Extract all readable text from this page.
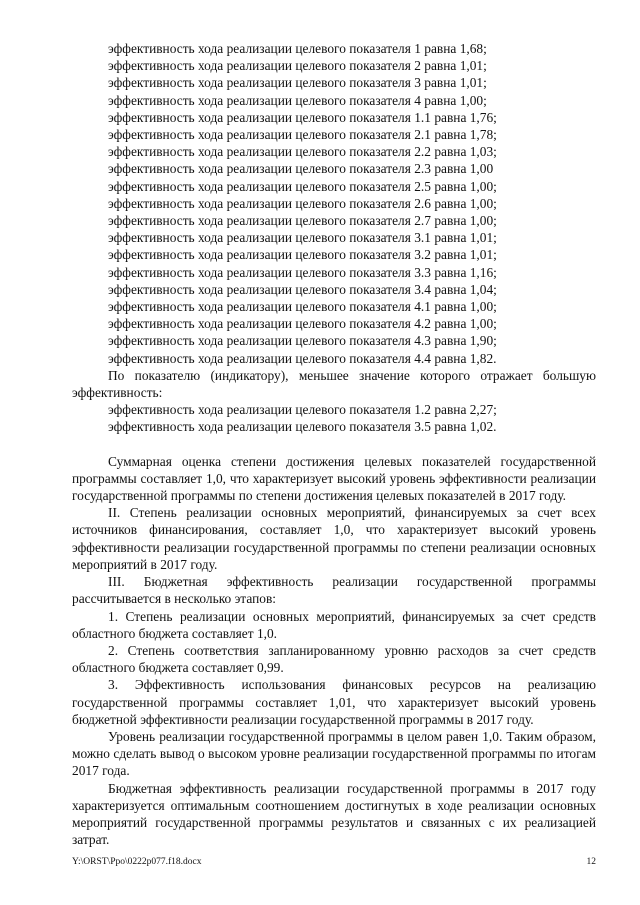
эффективность хода реализации целевого показателя 1 равна 1,68;
эффективность хода реализации целевого показателя 2 равна 1,01;
эффективность хода реализации целевого показателя 3 равна 1,01;
эффективность хода реализации целевого показателя 4 равна 1,00;
эффективность хода реализации целевого показателя 1.1 равна 1,76;
эффективность хода реализации целевого показателя 2.1 равна 1,78;
эффективность хода реализации целевого показателя 2.2 равна 1,03;
эффективность хода реализации целевого показателя 2.3 равна 1,00
эффективность хода реализации целевого показателя 2.5 равна 1,00;
эффективность хода реализации целевого показателя 2.6 равна 1,00;
эффективность хода реализации целевого показателя 2.7 равна 1,00;
эффективность хода реализации целевого показателя 3.1 равна 1,01;
эффективность хода реализации целевого показателя 3.2 равна 1,01;
эффективность хода реализации целевого показателя 3.3 равна 1,16;
эффективность хода реализации целевого показателя 3.4 равна 1,04;
эффективность хода реализации целевого показателя 4.1 равна 1,00;
эффективность хода реализации целевого показателя 4.2 равна 1,00;
эффективность хода реализации целевого показателя 4.3 равна 1,90;
эффективность хода реализации целевого показателя 4.4 равна 1,82.

По показателю (индикатору), меньшее значение которого отражает большую эффективность:

эффективность хода реализации целевого показателя 1.2 равна 2,27;
эффективность хода реализации целевого показателя 3.5 равна 1,02.

Суммарная оценка степени достижения целевых показателей государственной программы составляет 1,0, что характеризует высокий уровень эффективности реализации государственной программы по степени достижения целевых показателей в 2017 году.

II. Степень реализации основных мероприятий, финансируемых за счет всех источников финансирования, составляет 1,0, что характеризует высокий уровень эффективности реализации государственной программы по степени реализации основных мероприятий в 2017 году.

III. Бюджетная эффективность реализации государственной программы рассчитывается в несколько этапов:

1. Степень реализации основных мероприятий, финансируемых за счет средств областного бюджета составляет 1,0.

2. Степень соответствия запланированному уровню расходов за счет средств областного бюджета составляет 0,99.

3. Эффективность использования финансовых ресурсов на реализацию государственной программы составляет 1,01, что характеризует высокий уровень бюджетной эффективности реализации государственной программы в 2017 году.

Уровень реализации государственной программы в целом равен 1,0. Таким образом, можно сделать вывод о высоком уровне реализации государственной программы по итогам 2017 года.

Бюджетная эффективность реализации государственной программы в 2017 году характеризуется оптимальным соотношением достигнутых в ходе реализации основных мероприятий государственной программы результатов и связанных с их реализацией затрат.

Y:\ORST\Ppo\0222p077.f18.docx	12
